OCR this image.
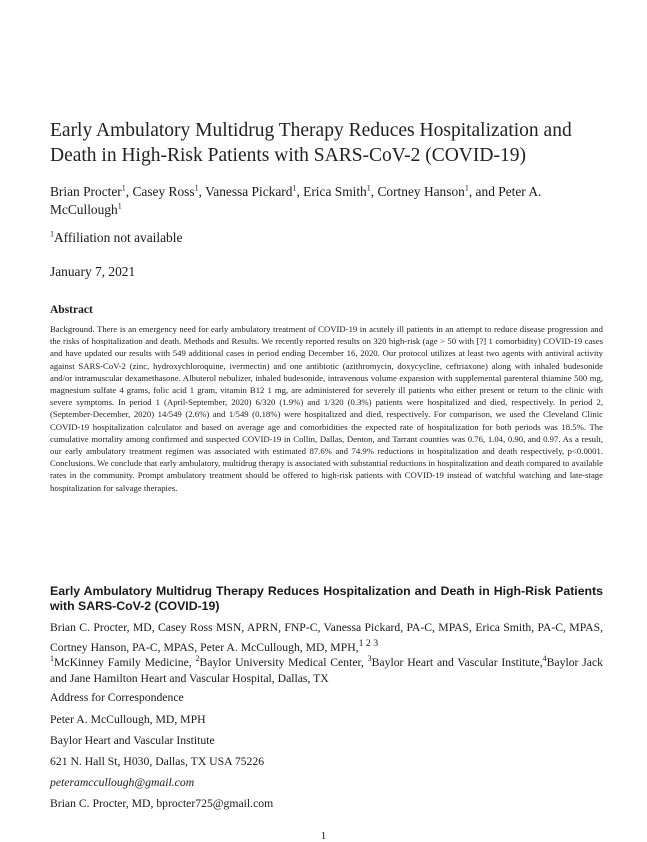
Early Ambulatory Multidrug Therapy Reduces Hospitalization and Death in High-Risk Patients with SARS-CoV-2 (COVID-19)
Brian Procter$^1$, Casey Ross$^1$, Vanessa Pickard$^1$, Erica Smith$^1$, Cortney Hanson$^1$, and Peter A. McCullough$^1$
$^1$Affiliation not available
January 7, 2021
Abstract
Background. There is an emergency need for early ambulatory treatment of COVID-19 in acutely ill patients in an attempt to reduce disease progression and the risks of hospitalization and death. Methods and Results. We recently reported results on 320 high-risk (age > 50 with [?] 1 comorbidity) COVID-19 cases and have updated our results with 549 additional cases in period ending December 16, 2020. Our protocol utilizes at least two agents with antiviral activity against SARS-CoV-2 (zinc, hydroxychloroquine, ivermectin) and one antibiotic (azithromycin, doxycycline, ceftriaxone) along with inhaled budesonide and/or intramuscular dexamethasone. Albuterol nebulizer, inhaled budesonide, intravenous volume expansion with supplemental parenteral thiamine 500 mg, magnesium sulfate 4 grams, folic acid 1 gram, vitamin B12 1 mg, are administered for severely ill patients who either present or return to the clinic with severe symptoms. In period 1 (April-September, 2020) 6/320 (1.9%) and 1/320 (0.3%) patients were hospitalized and died, respectively. In period 2, (September-December, 2020) 14/549 (2.6%) and 1/549 (0.18%) were hospitalized and died, respectively. For comparison, we used the Cleveland Clinic COVID-19 hospitalization calculator and based on average age and comorbidities the expected rate of hospitalization for both periods was 18.5%. The cumulative mortality among confirmed and suspected COVID-19 in Collin, Dallas, Denton, and Tarrant counties was 0.76, 1.04, 0.90, and 0.97. As a result, our early ambulatory treatment regimen was associated with estimated 87.6% and 74.9% reductions in hospitalization and death respectively, p<0.0001. Conclusions. We conclude that early ambulatory, multidrug therapy is associated with substantial reductions in hospitalization and death compared to available rates in the community. Prompt ambulatory treatment should be offered to high-risk patients with COVID-19 instead of watchful watching and late-stage hospitalization for salvage therapies.
Early Ambulatory Multidrug Therapy Reduces Hospitalization and Death in High-Risk Patients with SARS-CoV-2 (COVID-19)
Brian C. Procter, MD, Casey Ross MSN, APRN, FNP-C, Vanessa Pickard, PA-C, MPAS, Erica Smith, PA-C, MPAS, Cortney Hanson, PA-C, MPAS, Peter A. McCullough, MD, MPH,$^{1 2 3}$
$^1$McKinney Family Medicine, $^2$Baylor University Medical Center, $^3$Baylor Heart and Vascular Institute,$^4$Baylor Jack and Jane Hamilton Heart and Vascular Hospital, Dallas, TX
Address for Correspondence
Peter A. McCullough, MD, MPH
Baylor Heart and Vascular Institute
621 N. Hall St, H030, Dallas, TX USA 75226
peteramccullough@gmail.com
Brian C. Procter, MD, bprocter725@gmail.com
1
